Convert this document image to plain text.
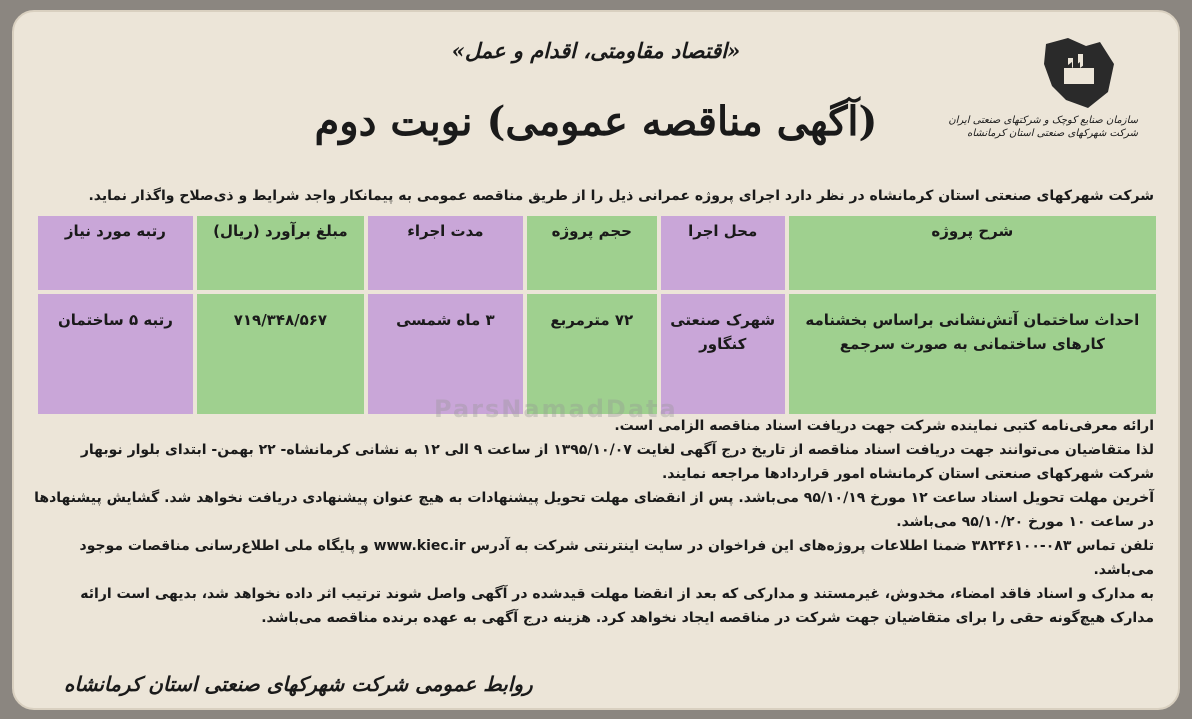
سازمان صنایع کوچک و شرکتهای صنعتی ایران
شرکت شهرکهای صنعتی استان کرمانشاه
«اقتصاد مقاومتی، اقدام و عمل»
(آگهی مناقصه عمومی) نوبت دوم
شرکت شهرکهای صنعتی استان کرمانشاه در نظر دارد اجرای پروژه عمرانی ذیل را از طریق مناقصه عمومی به پیمانکار واجد شرایط و ذی‌صلاح واگذار نماید.
شرح پروژه	محل اجرا	حجم پروژه	مدت اجراء	مبلغ برآورد (ریال)	رتبه مورد نیاز
احداث ساختمان آتش‌نشانی براساس بخشنامه کارهای ساختمانی به صورت سرجمع	شهرک صنعتی کنگاور	۷۲ مترمربع	۳ ماه شمسی	۷۱۹/۳۴۸/۵۶۷	رتبه ۵ ساختمان
ParsNamadData

ارائه معرفی‌نامه کتبی نماینده شرکت جهت دریافت اسناد مناقصه الزامی است.

لذا متقاضیان می‌توانند جهت دریافت اسناد مناقصه از تاریخ درج آگهی لغایت ۱۳۹۵/۱۰/۰۷ از ساعت ۹ الی ۱۲ به نشانی کرمانشاه- ۲۲ بهمن- ابتدای بلوار نوبهار شرکت شهرکهای صنعتی استان کرمانشاه امور قراردادها مراجعه نمایند.

آخرین مهلت تحویل اسناد ساعت ۱۲ مورخ ۹۵/۱۰/۱۹ می‌باشد. پس از انقضای مهلت تحویل پیشنهادات به هیچ عنوان پیشنهادی دریافت نخواهد شد. گشایش پیشنهادها در ساعت ۱۰ مورخ ۹۵/۱۰/۲۰ می‌باشد.

تلفن تماس ۰۸۳-۳۸۲۴۶۱۰۰ ضمنا اطلاعات پروژه‌های این فراخوان در سایت اینترنتی شرکت به آدرس www.kiec.ir و پایگاه ملی اطلاع‌رسانی مناقصات موجود می‌باشد.

به مدارک و اسناد فاقد امضاء، مخدوش، غیرمستند و مدارکی که بعد از انقضا مهلت قیدشده در آگهی واصل شوند ترتیب اثر داده نخواهد شد، بدیهی است ارائه مدارک هیچ‌گونه حقی را برای متقاضیان جهت شرکت در مناقصه ایجاد نخواهد کرد. هزینه درج آگهی به عهده برنده مناقصه می‌باشد.

روابط عمومی شرکت شهرکهای صنعتی استان کرمانشاه
